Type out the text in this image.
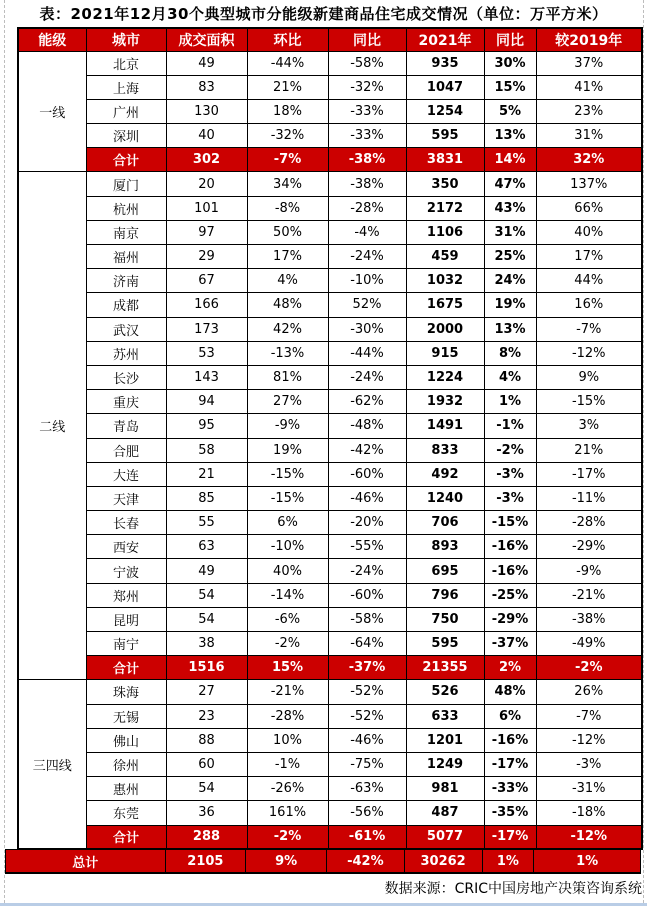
表：2021年12月30个典型城市分能级新建商品住宅成交情况（单位：万平方米）
能级	城市	成交面积	环比	同比	2021年	同比	较2019年
一线	北京	49	-44%	-58%	935	30%	37%
	上海	83	21%	-32%	1047	15%	41%
	广州	130	18%	-33%	1254	5%	23%
	深圳	40	-32%	-33%	595	13%	31%
	合计	302	-7%	-38%	3831	14%	32%
二线	厦门	20	34%	-38%	350	47%	137%
	杭州	101	-8%	-28%	2172	43%	66%
	南京	97	50%	-4%	1106	31%	40%
	福州	29	17%	-24%	459	25%	17%
	济南	67	4%	-10%	1032	24%	44%
	成都	166	48%	52%	1675	19%	16%
	武汉	173	42%	-30%	2000	13%	-7%
	苏州	53	-13%	-44%	915	8%	-12%
	长沙	143	81%	-24%	1224	4%	9%
	重庆	94	27%	-62%	1932	1%	-15%
	青岛	95	-9%	-48%	1491	-1%	3%
	合肥	58	19%	-42%	833	-2%	21%
	大连	21	-15%	-60%	492	-3%	-17%
	天津	85	-15%	-46%	1240	-3%	-11%
	长春	55	6%	-20%	706	-15%	-28%
	西安	63	-10%	-55%	893	-16%	-29%
	宁波	49	40%	-24%	695	-16%	-9%
	郑州	54	-14%	-60%	796	-25%	-21%
	昆明	54	-6%	-58%	750	-29%	-38%
	南宁	38	-2%	-64%	595	-37%	-49%
	合计	1516	15%	-37%	21355	2%	-2%
三四线	珠海	27	-21%	-52%	526	48%	26%
	无锡	23	-28%	-52%	633	6%	-7%
	佛山	88	10%	-46%	1201	-16%	-12%
	徐州	60	-1%	-75%	1249	-17%	-3%
	惠州	54	-26%	-63%	981	-33%	-31%
	东莞	36	161%	-56%	487	-35%	-18%
	合计	288	-2%	-61%	5077	-17%	-12%
总计	2105	9%	-42%	30262	1%	1%
数据来源：CRIC中国房地产决策咨询系统
